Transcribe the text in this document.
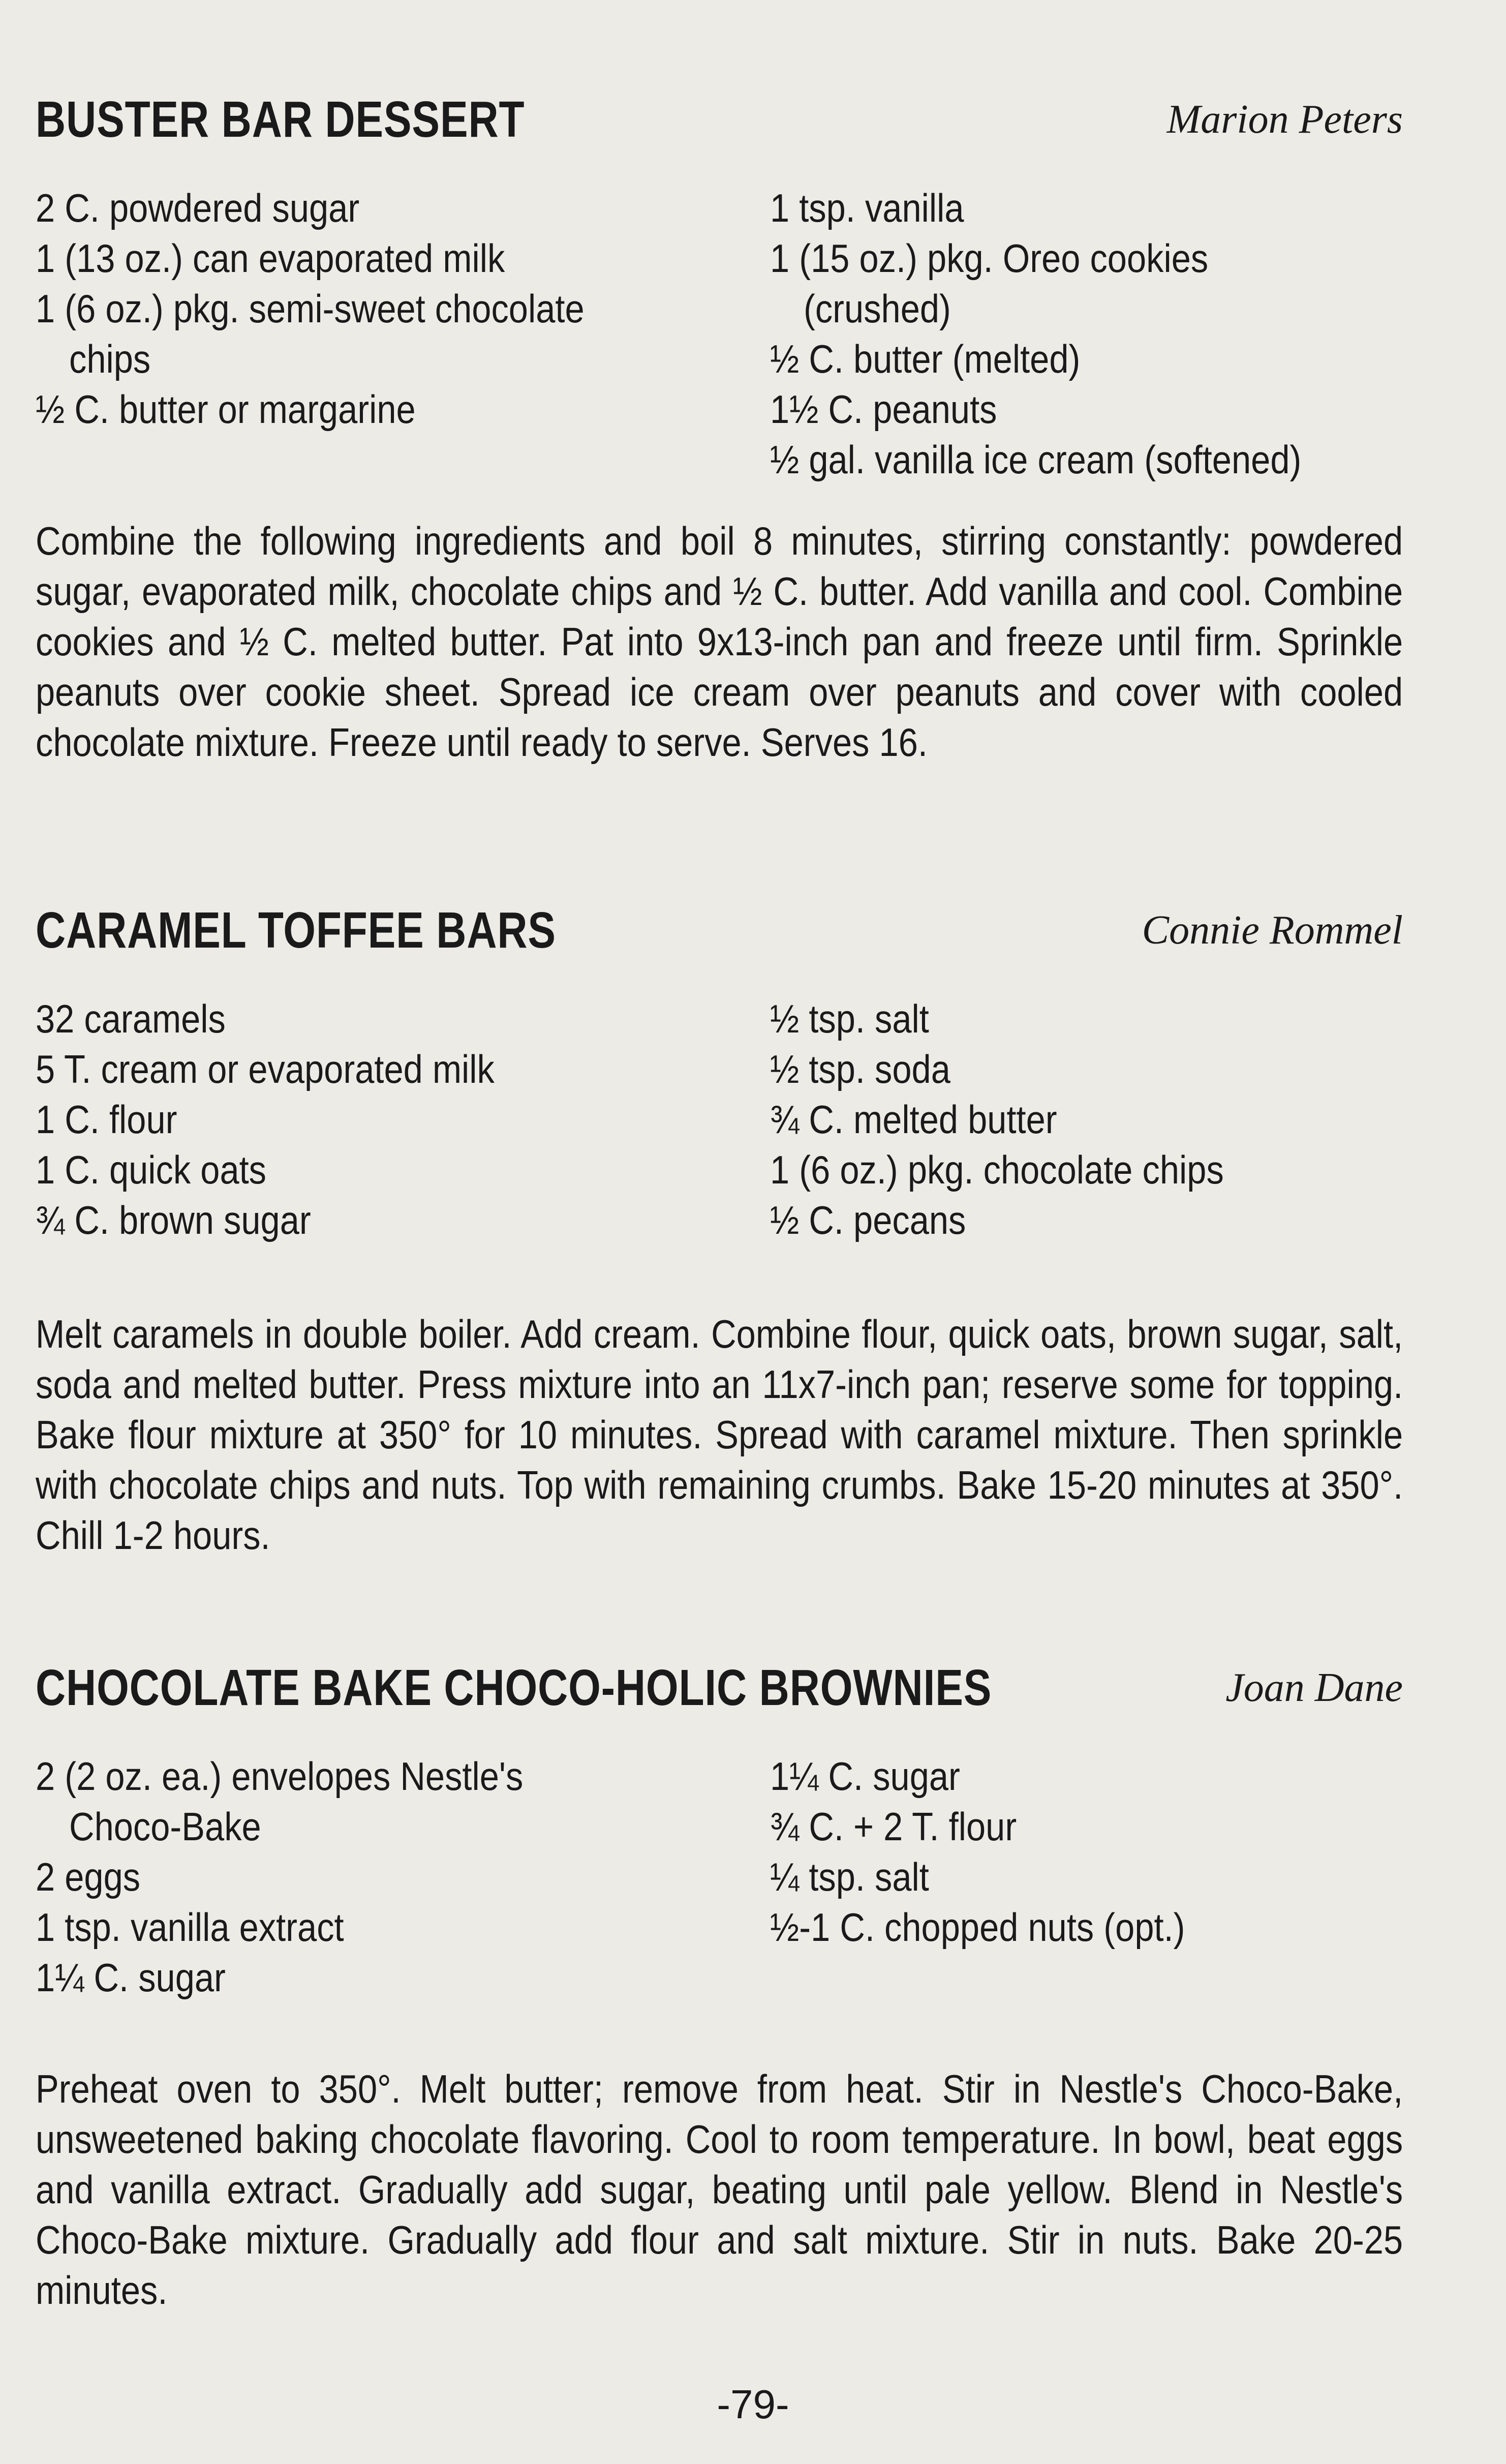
BUSTER BAR DESSERT	Marion Peters
2 C. powdered sugar
1 (13 oz.) can evaporated milk
1 (6 oz.) pkg. semi-sweet chocolate
chips
½ C. butter or margarine
1 tsp. vanilla
1 (15 oz.) pkg. Oreo cookies
(crushed)
½ C. butter (melted)
1½ C. peanuts
½ gal. vanilla ice cream (softened)
Combine the following ingredients and boil 8 minutes, stirring constantly: powdered sugar, evaporated milk, chocolate chips and ½ C. butter. Add vanilla and cool. Combine cookies and ½ C. melted butter. Pat into 9x13-inch pan and freeze until firm. Sprinkle peanuts over cookie sheet. Spread ice cream over peanuts and cover with cooled chocolate mixture. Freeze until ready to serve. Serves 16.
CARAMEL TOFFEE BARS	Connie Rommel
32 caramels
5 T. cream or evaporated milk
1 C. flour
1 C. quick oats
¾ C. brown sugar
½ tsp. salt
½ tsp. soda
¾ C. melted butter
1 (6 oz.) pkg. chocolate chips
½ C. pecans
Melt caramels in double boiler. Add cream. Combine flour, quick oats, brown sugar, salt, soda and melted butter. Press mixture into an 11x7-inch pan; reserve some for topping. Bake flour mixture at 350° for 10 minutes. Spread with caramel mixture. Then sprinkle with chocolate chips and nuts. Top with remaining crumbs. Bake 15-20 minutes at 350°. Chill 1-2 hours.
CHOCOLATE BAKE CHOCO-HOLIC BROWNIES	Joan Dane
2 (2 oz. ea.) envelopes Nestle's
Choco-Bake
2 eggs
1 tsp. vanilla extract
1¼ C. sugar
1¼ C. sugar
¾ C. + 2 T. flour
¼ tsp. salt
½-1 C. chopped nuts (opt.)
Preheat oven to 350°. Melt butter; remove from heat. Stir in Nestle's Choco-Bake, unsweetened baking chocolate flavoring. Cool to room temperature. In bowl, beat eggs and vanilla extract. Gradually add sugar, beating until pale yellow. Blend in Nestle's Choco-Bake mixture. Gradually add flour and salt mixture. Stir in nuts. Bake 20-25 minutes.
-79-
